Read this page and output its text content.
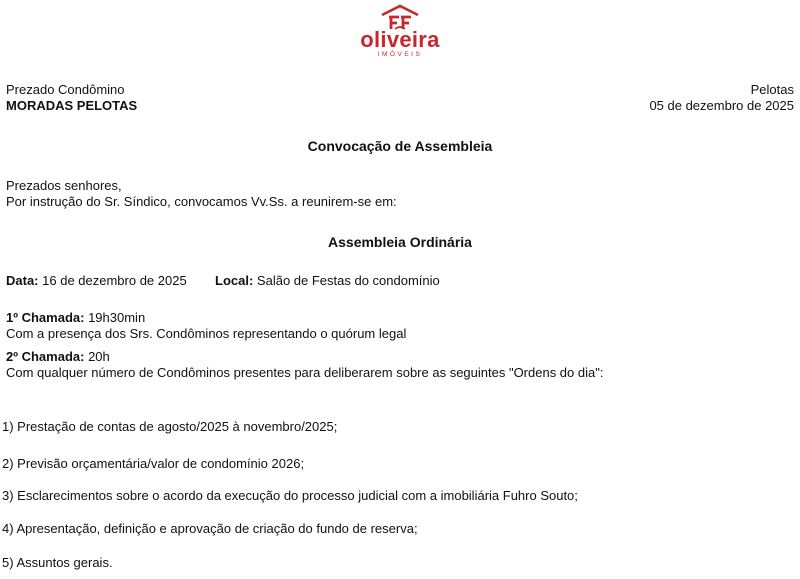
oliveira
IMÓVEIS
Prezado Condômino
MORADAS PELOTAS
Pelotas
05 de dezembro de 2025
Convocação de Assembleia
Prezados senhores,
Por instrução do Sr. Síndico, convocamos Vv.Ss. a reunirem-se em:
Assembleia Ordinária
Data: 16 de dezembro de 2025 Local: Salão de Festas do condomínio
1º Chamada: 19h30min
Com a presença dos Srs. Condôminos representando o quórum legal
2º Chamada: 20h
Com qualquer número de Condôminos presentes para deliberarem sobre as seguintes "Ordens do dia":
1) Prestação de contas de agosto/2025 à novembro/2025;
2) Previsão orçamentária/valor de condomínio 2026;
3) Esclarecimentos sobre o acordo da execução do processo judicial com a imobiliária Fuhro Souto;
4) Apresentação, definição e aprovação de criação do fundo de reserva;
5) Assuntos gerais.
